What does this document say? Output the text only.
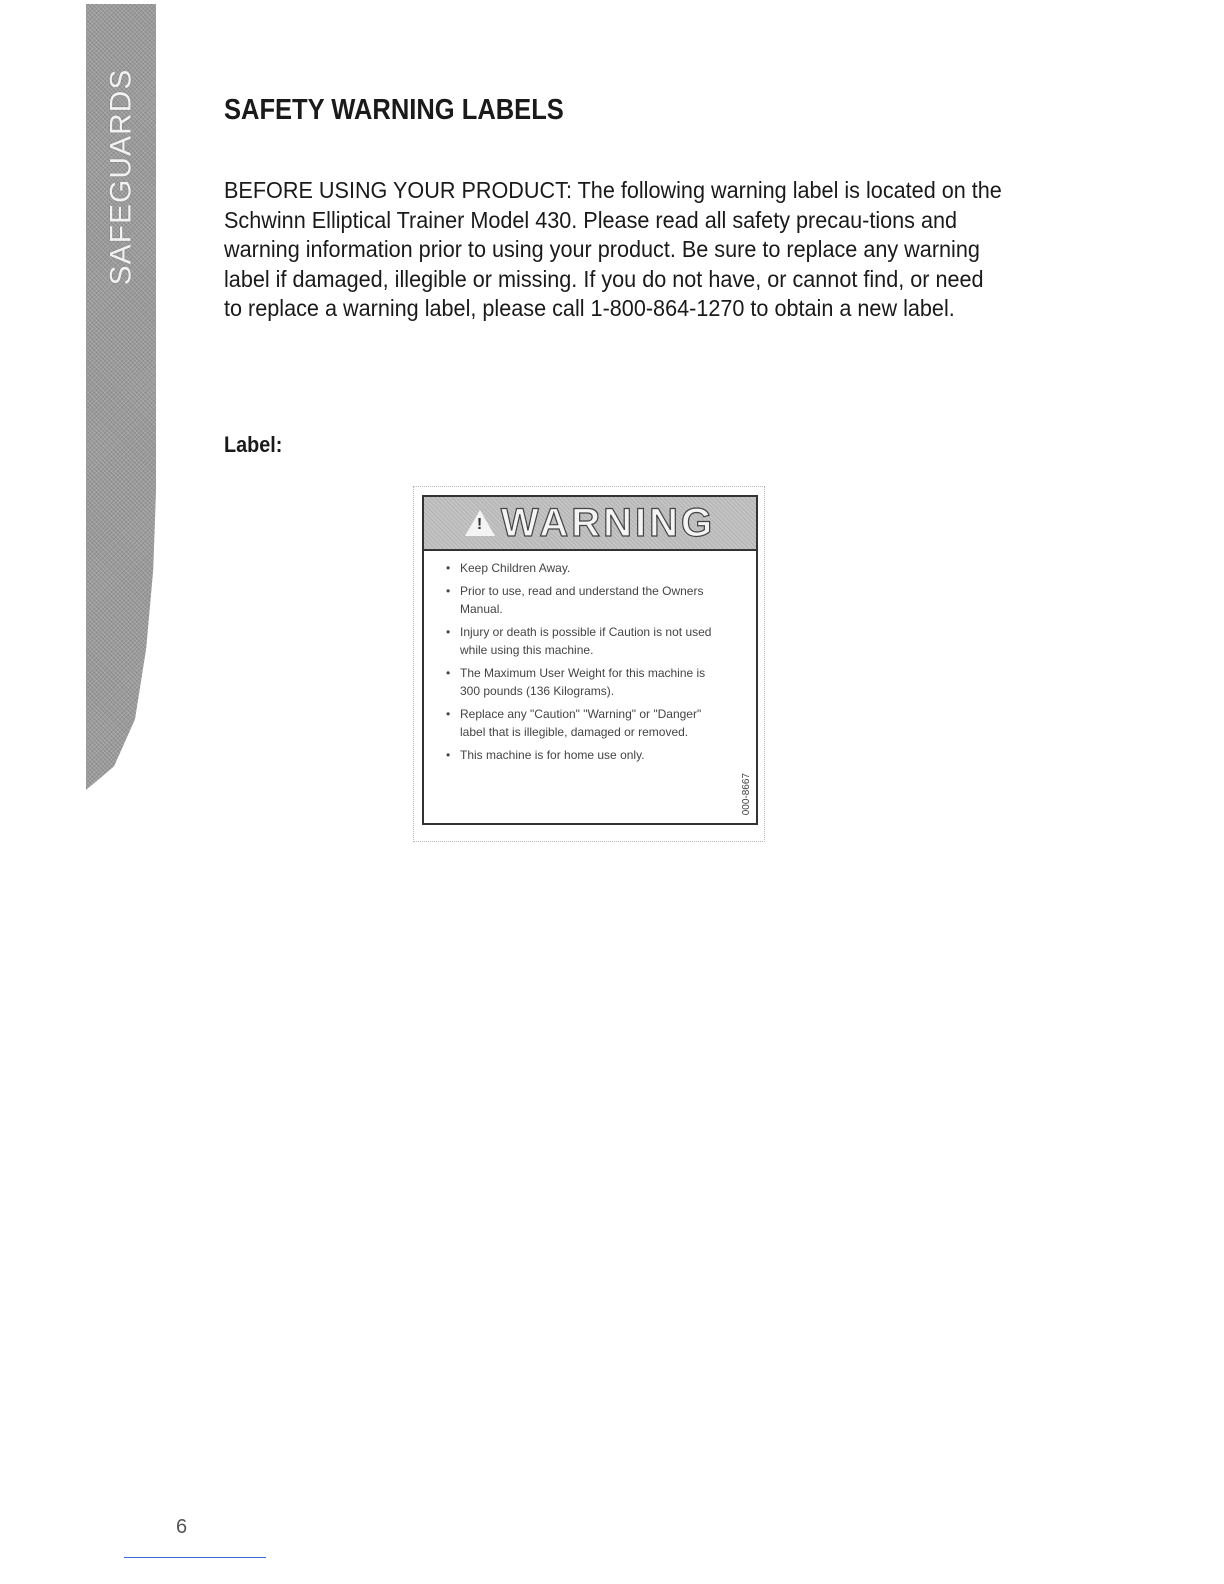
SAFEGUARDS	SAFETY WARNING LABELS

BEFORE USING YOUR PRODUCT: The following warning label is located on the Schwinn Elliptical Trainer Model 430. Please read all safety precau-tions and warning information prior to using your product. Be sure to replace any warning label if damaged, illegible or missing. If you do not have, or cannot find, or need to replace a warning label, please call 1-800-864-1270 to obtain a new label.

Label:
!
WARNING
• Keep Children Away.
• Prior to use, read and understand the Owners Manual.
• Injury or death is possible if Caution is not used while using this machine.
• The Maximum User Weight for this machine is 300 pounds (136 Kilograms).
• Replace any "Caution" "Warning" or "Danger" label that is illegible, damaged or removed.
• This machine is for home use only.
000-8667
6
